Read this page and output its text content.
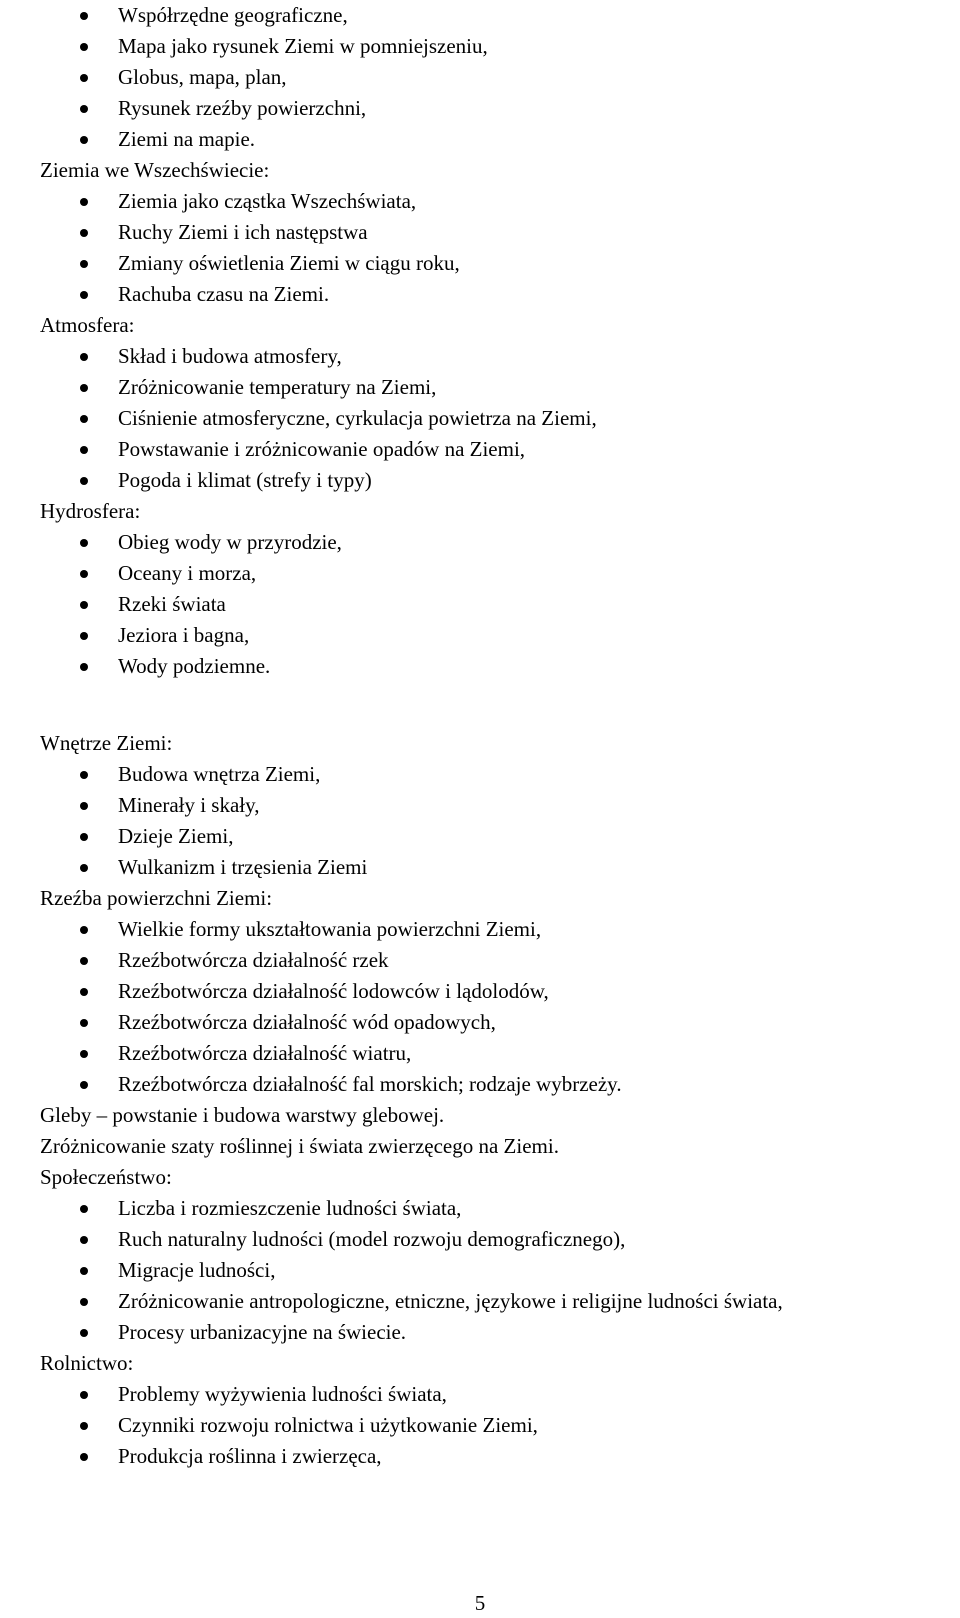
Współrzędne geograficzne,
Mapa jako rysunek Ziemi w pomniejszeniu,
Globus, mapa, plan,
Rysunek rzeźby powierzchni,
Ziemi na mapie.
Ziemia we Wszechświecie:
Ziemia jako cząstka Wszechświata,
Ruchy Ziemi i ich następstwa
Zmiany oświetlenia Ziemi w ciągu roku,
Rachuba czasu na Ziemi.
Atmosfera:
Skład i budowa atmosfery,
Zróżnicowanie temperatury na Ziemi,
Ciśnienie atmosferyczne, cyrkulacja powietrza na Ziemi,
Powstawanie i zróżnicowanie opadów na Ziemi,
Pogoda i klimat (strefy i typy)
Hydrosfera:
Obieg wody w przyrodzie,
Oceany i morza,
Rzeki świata
Jeziora i bagna,
Wody podziemne.
Wnętrze Ziemi:
Budowa wnętrza Ziemi,
Minerały i skały,
Dzieje Ziemi,
Wulkanizm i trzęsienia Ziemi
Rzeźba powierzchni Ziemi:
Wielkie formy ukształtowania powierzchni Ziemi,
Rzeźbotwórcza działalność rzek
Rzeźbotwórcza działalność lodowców i lądolodów,
Rzeźbotwórcza działalność wód opadowych,
Rzeźbotwórcza działalność wiatru,
Rzeźbotwórcza działalność fal morskich; rodzaje wybrzeży.
Gleby – powstanie i budowa warstwy glebowej.
Zróżnicowanie szaty roślinnej i świata zwierzęcego na Ziemi.
Społeczeństwo:
Liczba i rozmieszczenie ludności świata,
Ruch naturalny ludności (model rozwoju demograficznego),
Migracje ludności,
Zróżnicowanie antropologiczne, etniczne, językowe i religijne ludności świata,
Procesy urbanizacyjne na świecie.
Rolnictwo:
Problemy wyżywienia ludności świata,
Czynniki rozwoju rolnictwa i użytkowanie Ziemi,
Produkcja roślinna i zwierzęca,
5
